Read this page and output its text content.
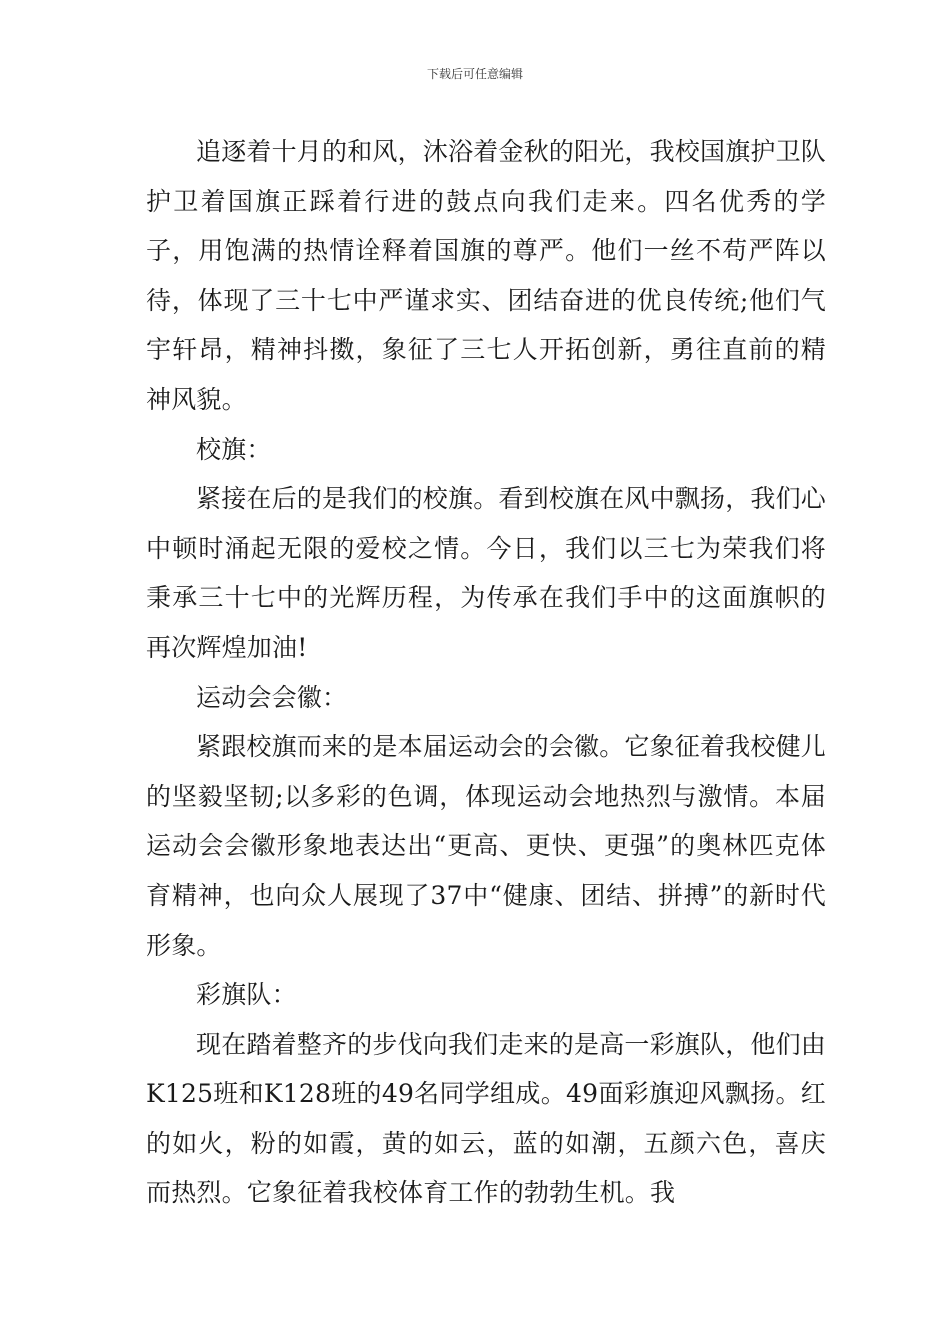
下载后可任意编辑

追逐着十月的和风，沐浴着金秋的阳光，我校国旗护卫队护卫着国旗正踩着行进的鼓点向我们走来。四名优秀的学子，用饱满的热情诠释着国旗的尊严。他们一丝不苟严阵以待，体现了三十七中严谨求实、团结奋进的优良传统;他们气宇轩昂，精神抖擞，象征了三七人开拓创新，勇往直前的精神风貌。

校旗：

紧接在后的是我们的校旗。看到校旗在风中飘扬，我们心中顿时涌起无限的爱校之情。今日，我们以三七为荣我们将秉承三十七中的光辉历程，为传承在我们手中的这面旗帜的再次辉煌加油!

运动会会徽：

紧跟校旗而来的是本届运动会的会徽。它象征着我校健儿的坚毅坚韧;以多彩的色调，体现运动会地热烈与激情。本届运动会会徽形象地表达出“更高、更快、更强”的奥林匹克体育精神，也向众人展现了37中“健康、团结、拼搏”的新时代形象。

彩旗队：

现在踏着整齐的步伐向我们走来的是高一彩旗队，他们由K125班和K128班的49名同学组成。49面彩旗迎风飘扬。红的如火，粉的如霞，黄的如云，蓝的如潮，五颜六色，喜庆而热烈。它象征着我校体育工作的勃勃生机。我
